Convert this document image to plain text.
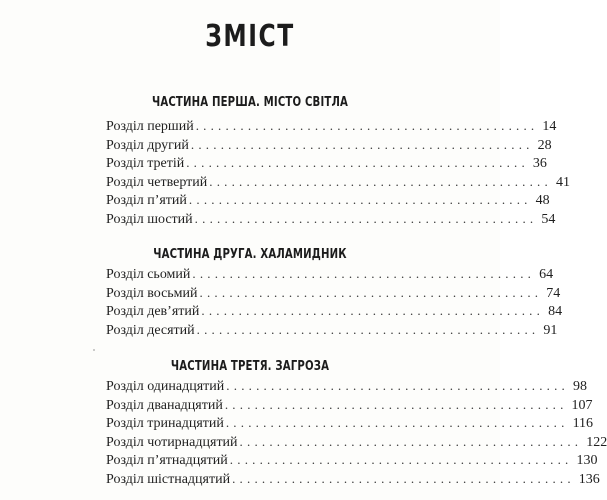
ЗМІСТ
ЧАСТИНА ПЕРША. МІСТО СВІТЛА
Розділ перший .............................................. 14
Розділ другий .............................................. 28
Розділ третій .............................................. 36
Розділ четвертий .............................................. 41
Розділ п’ятий .............................................. 48
Розділ шостий .............................................. 54
ЧАСТИНА ДРУГА. ХАЛАМИДНИК
Розділ сьомий .............................................. 64
Розділ восьмий .............................................. 74
Розділ дев’ятий .............................................. 84
Розділ десятий .............................................. 91
ЧАСТИНА ТРЕТЯ. ЗАГРОЗА
Розділ одинадцятий .............................................. 98
Розділ дванадцятий .............................................. 107
Розділ тринадцятий .............................................. 116
Розділ чотирнадцятий .............................................. 122
Розділ п’ятнадцятий .............................................. 130
Розділ шістнадцятий .............................................. 136
